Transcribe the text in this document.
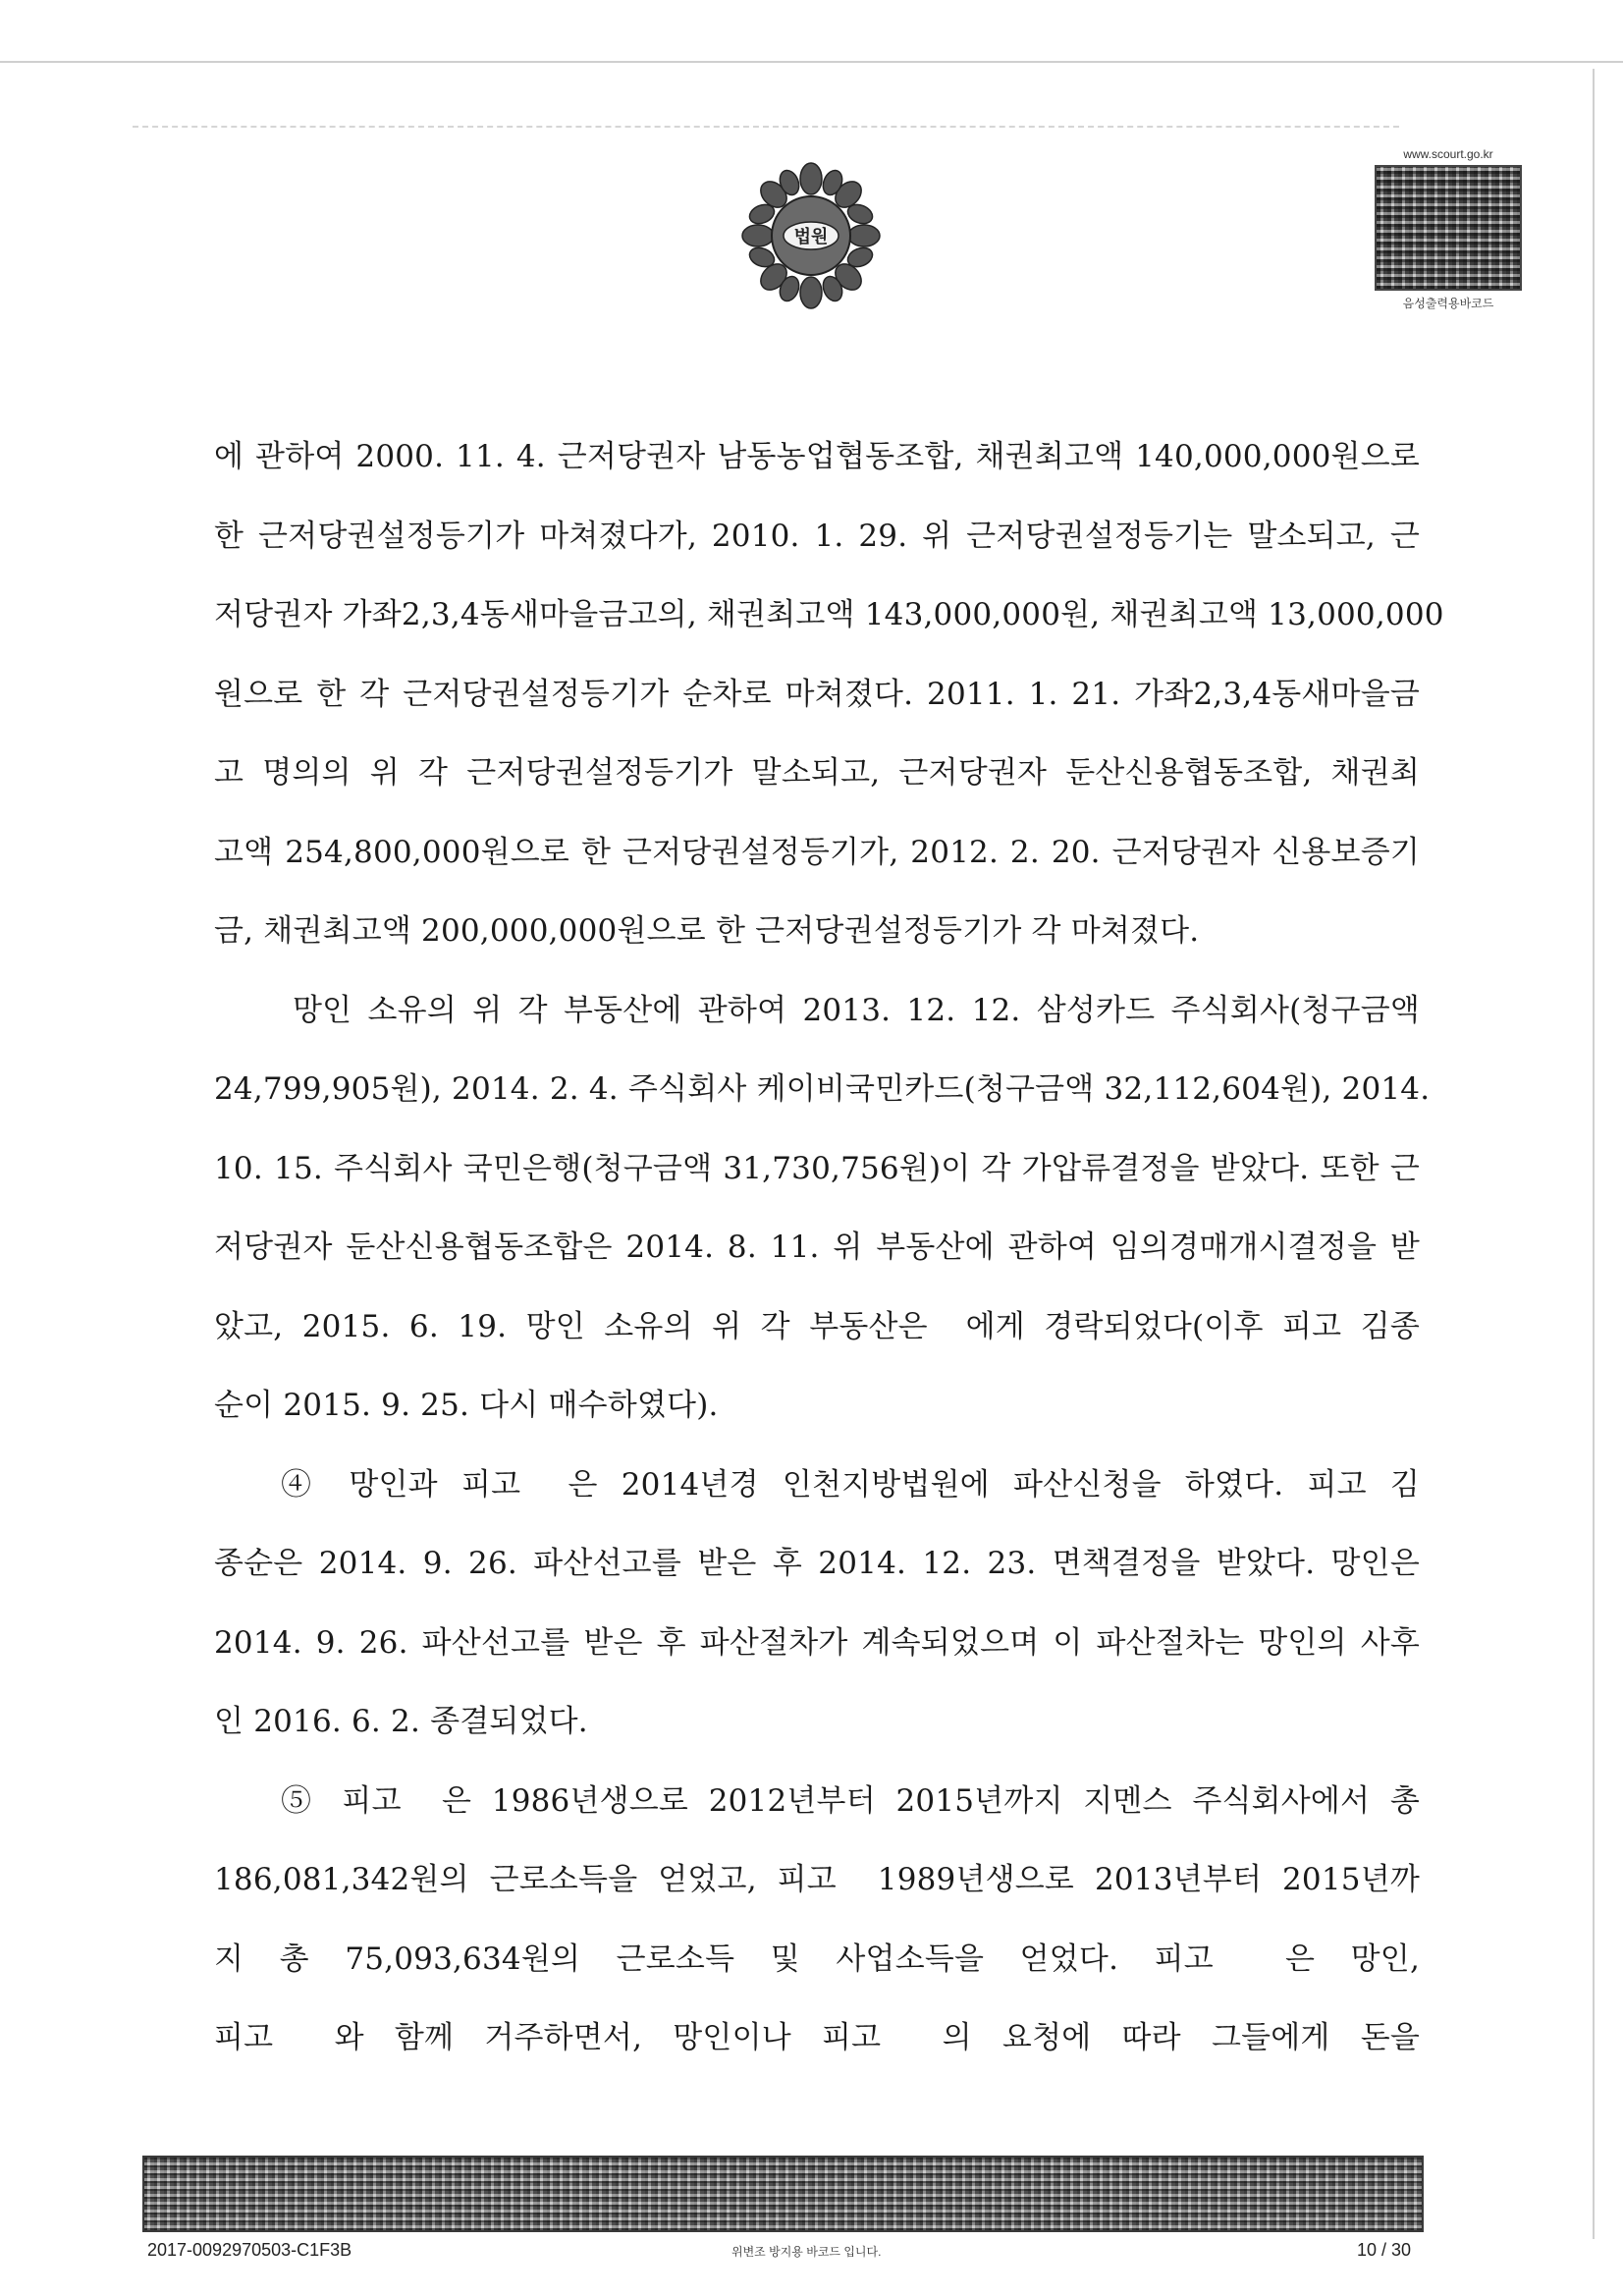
법원
www.scourt.go.kr
음성출력용바코드
에 관하여 2000. 11. 4. 근저당권자 남동농업협동조합, 채권최고액 140,000,000원으로
한 근저당권설정등기가 마쳐졌다가, 2010. 1. 29. 위 근저당권설정등기는 말소되고, 근
저당권자 가좌2,3,4동새마을금고의, 채권최고액 143,000,000원, 채권최고액 13,000,000
원으로 한 각 근저당권설정등기가 순차로 마쳐졌다. 2011. 1. 21. 가좌2,3,4동새마을금
고 명의의 위 각 근저당권설정등기가 말소되고, 근저당권자 둔산신용협동조합, 채권최
고액 254,800,000원으로 한 근저당권설정등기가, 2012. 2. 20. 근저당권자 신용보증기
금, 채권최고액 200,000,000원으로 한 근저당권설정등기가 각 마쳐졌다.
망인 소유의 위 각 부동산에 관하여 2013. 12. 12. 삼성카드 주식회사(청구금액
24,799,905원), 2014. 2. 4. 주식회사 케이비국민카드(청구금액 32,112,604원), 2014.
10. 15. 주식회사 국민은행(청구금액 31,730,756원)이 각 가압류결정을 받았다. 또한 근
저당권자 둔산신용협동조합은 2014. 8. 11. 위 부동산에 관하여 임의경매개시결정을 받
았고, 2015. 6. 19. 망인 소유의 위 각 부동산은 ​ 에게 경락되었다(이후 피고 김종
순이 2015. 9. 25. 다시 매수하였다).
④ 망인과 피고 ​ 은 2014년경 인천지방법원에 파산신청을 하였다. 피고 김
종순은 2014. 9. 26. 파산선고를 받은 후 2014. 12. 23. 면책결정을 받았다. 망인은
2014. 9. 26. 파산선고를 받은 후 파산절차가 계속되었으며 이 파산절차는 망인의 사후
인 2016. 6. 2. 종결되었다.
⑤ 피고 ​ 은 1986년생으로 2012년부터 2015년까지 지멘스 주식회사에서 총
186,081,342원의 근로소득을 얻었고, 피고 ​ 1989년생으로 2013년부터 2015년까
지 총 75,093,634원의 근로소득 및 사업소득을 얻었다. 피고 ​ 은 망인,
피고 ​ 와 함께 거주하면서, 망인이나 피고 ​ 의 요청에 따라 그들에게 돈을
2017-0092970503-C1F3B	위변조 방지용 바코드 입니다.	10 / 30
